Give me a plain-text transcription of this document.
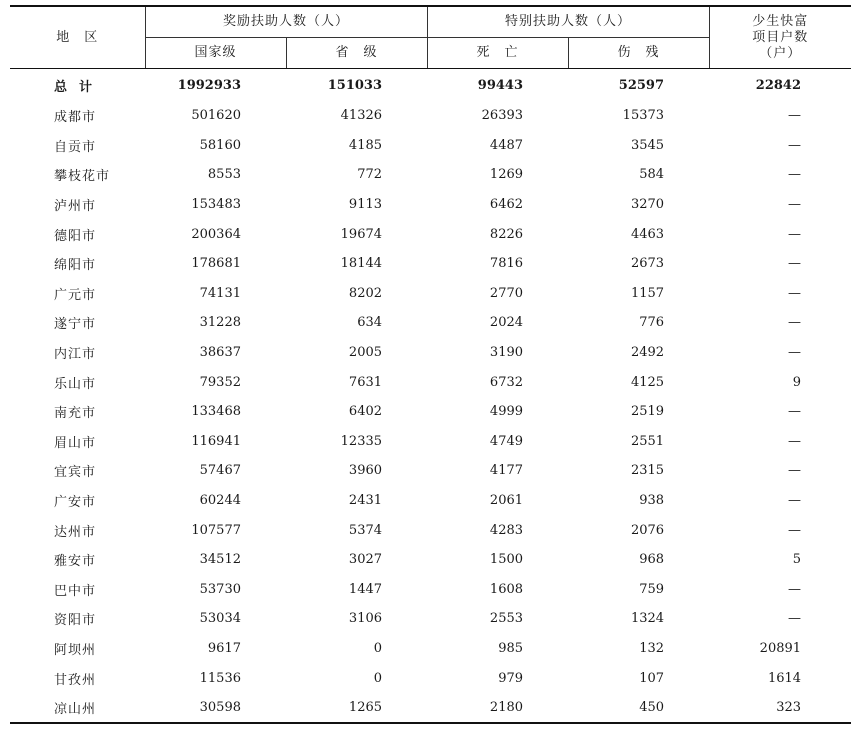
地　区	奖励扶助人数（人）		特别扶助人数（人）		少生快富
项目户数
（户）

	国家级	省　级	死　亡	伤　残	
总计	1992933	151033	99443	52597	22842
成都市	501620	41326	26393	15373	—
自贡市	58160	4185	4487	3545	—
攀枝花市	8553	772	1269	584	—
泸州市	153483	9113	6462	3270	—
德阳市	200364	19674	8226	4463	—
绵阳市	178681	18144	7816	2673	—
广元市	74131	8202	2770	1157	—
遂宁市	31228	634	2024	776	—
内江市	38637	2005	3190	2492	—
乐山市	79352	7631	6732	4125	9
南充市	133468	6402	4999	2519	—
眉山市	116941	12335	4749	2551	—
宜宾市	57467	3960	4177	2315	—
广安市	60244	2431	2061	938	—
达州市	107577	5374	4283	2076	—
雅安市	34512	3027	1500	968	5
巴中市	53730	1447	1608	759	—
资阳市	53034	3106	2553	1324	—
阿坝州	9617	0	985	132	20891
甘孜州	11536	0	979	107	1614
凉山州	30598	1265	2180	450	323
